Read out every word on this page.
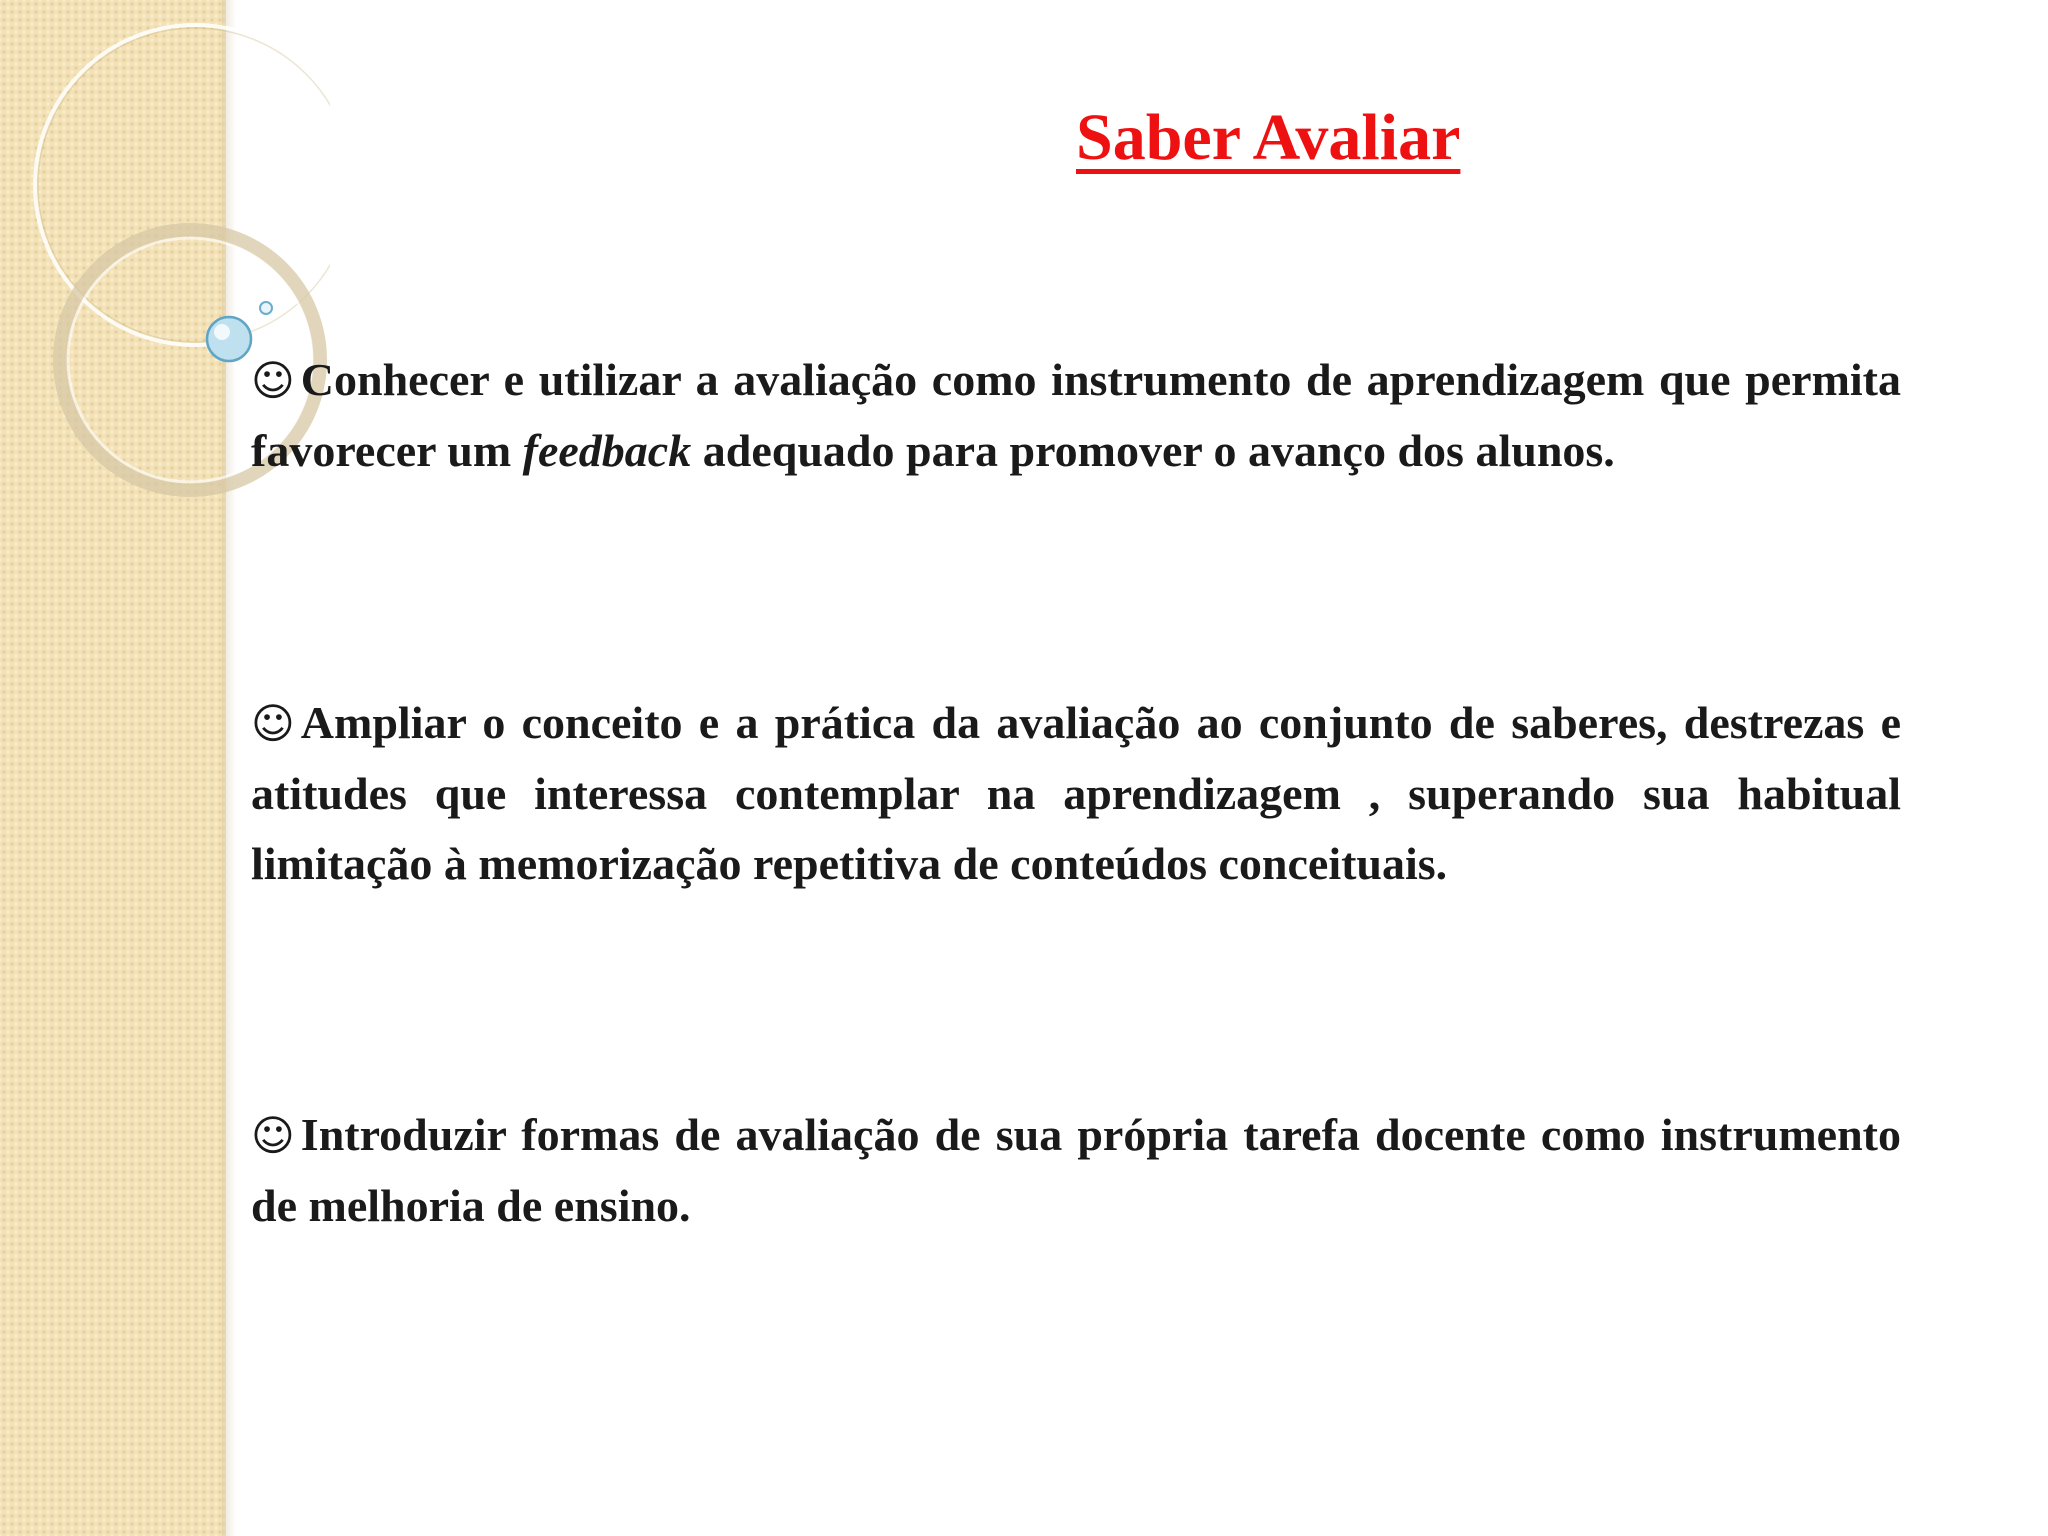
Saber Avaliar

☺ Conhecer e utilizar a avaliação como instrumento de aprendizagem que permita favorecer um feedback adequado para promover o avanço dos alunos.

☺ Ampliar o conceito e a prática da avaliação ao conjunto de saberes, destrezas e atitudes que interessa contemplar na aprendizagem , superando sua habitual limitação à memorização repetitiva de conteúdos conceituais.

☺ Introduzir formas de avaliação de sua própria tarefa docente como instrumento de melhoria de ensino.
